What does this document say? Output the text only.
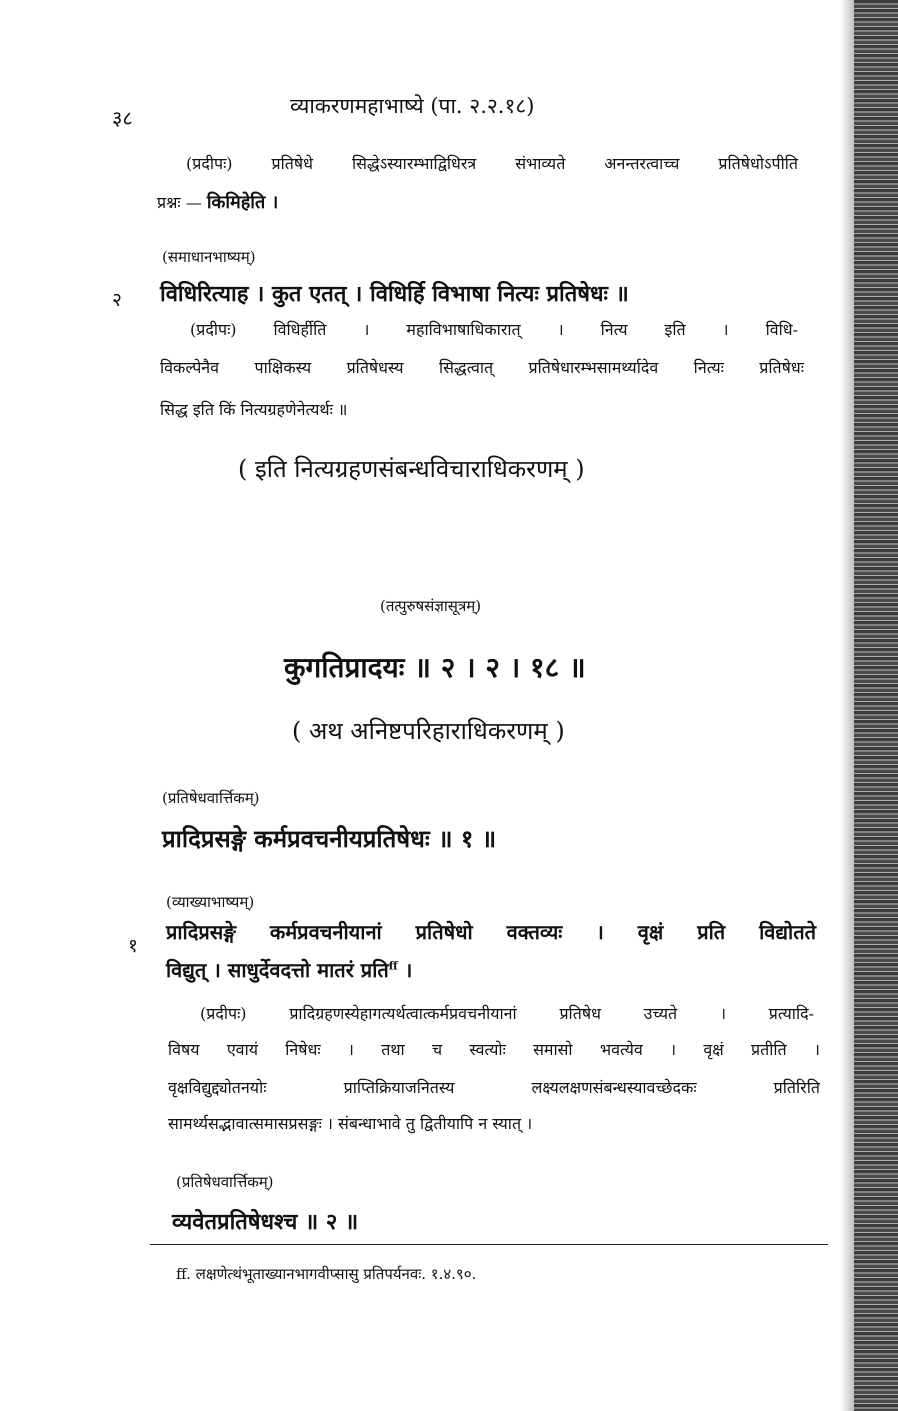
३८	व्याकरणमहाभाष्ये (पा. २.२.१८)
(प्रदीपः) प्रतिषेधे सिद्धेऽस्यारम्भाद्विधिरत्र संभाव्यते अनन्तरत्वाच्च प्रतिषेधोऽपीति
प्रश्नः — किमिहेति ।
(समाधानभाष्यम्)
२ विधिरित्याह । कुत एतत् । विधिर्हि विभाषा नित्यः प्रतिषेधः ॥
(प्रदीपः) विधिर्हीति । महाविभाषाधिकारात् । नित्य इति । विधि-
विकल्पेनैव पाक्षिकस्य प्रतिषेधस्य सिद्धत्वात् प्रतिषेधारम्भसामर्थ्यादेव नित्यः प्रतिषेधः
सिद्ध इति किं नित्यग्रहणेनेत्यर्थः ॥
( इति नित्यग्रहणसंबन्धविचाराधिकरणम् )
(तत्पुरुषसंज्ञासूत्रम्)
कुगतिप्रादयः ॥ २ । २ । १८ ॥
( अथ अनिष्टपरिहाराधिकरणम् )
(प्रतिषेधवार्त्तिकम्)
प्रादिप्रसङ्गे कर्मप्रवचनीयप्रतिषेधः ॥ १ ॥
(व्याख्याभाष्यम्)
१
प्रादिप्रसङ्गे कर्मप्रवचनीयानां प्रतिषेधो वक्तव्यः । वृक्षं प्रति विद्योतते
विद्युत् । साधुर्देवदत्तो मातरं प्रति$^{ff}$ ।
(प्रदीपः) प्रादिग्रहणस्येहागत्यर्थत्वात्कर्मप्रवचनीयानां प्रतिषेध उच्यते । प्रत्यादि-
विषय एवायं निषेधः । तथा च स्वत्योः समासो भवत्येव । वृक्षं प्रतीति ।
वृक्षविद्युद्द्योतनयोः प्राप्तिक्रियाजनितस्य लक्ष्यलक्षणसंबन्धस्यावच्छेदकः प्रतिरिति
सामर्थ्यसद्भावात्समासप्रसङ्गः । संबन्धाभावे तु द्वितीयापि न स्यात् ।
(प्रतिषेधवार्त्तिकम्)
व्यवेतप्रतिषेधश्च ॥ २ ॥
ff. लक्षणेत्थंभूताख्यानभागवीप्सासु प्रतिपर्यनवः. १.४.९०.
